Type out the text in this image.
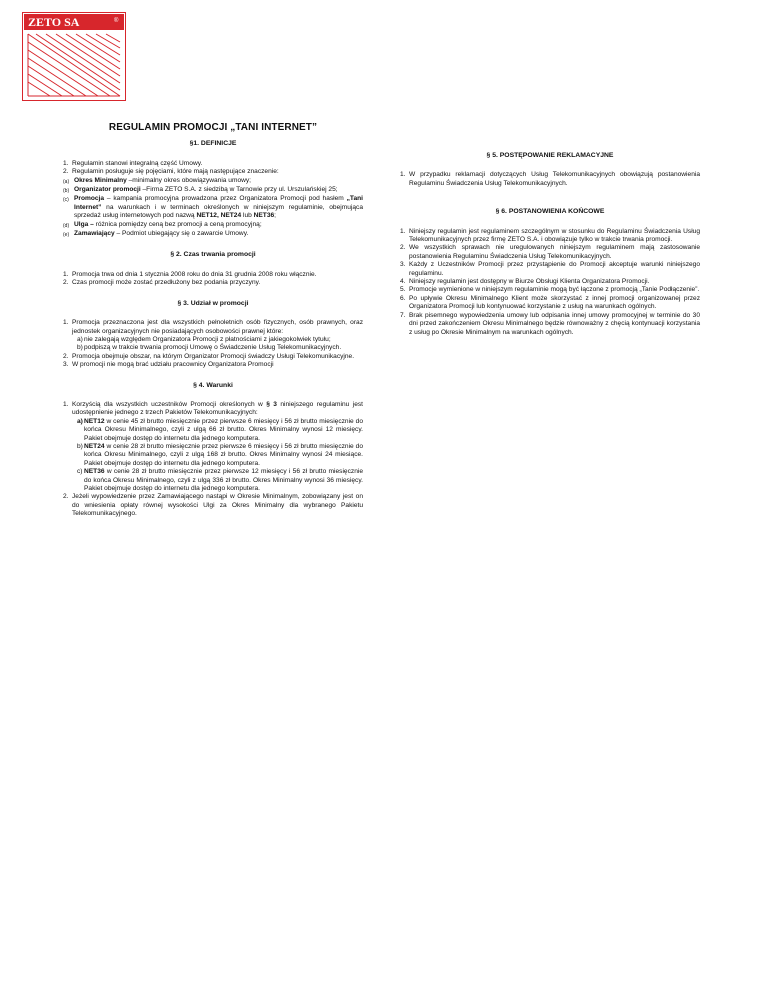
ZETO SA	®
REGULAMIN PROMOCJI „TANI INTERNET”
§1. DEFINICJE
1. Regulamin stanowi integralną część Umowy.
2. Regulamin posługuje się pojęciami, które mają następujące znaczenie:
(a) Okres Minimalny –minimalny okres obowiązywania umowy;
(b) Organizator promocji –Firma ZETO S.A. z siedzibą w Tarnowie przy ul. Urszulańskiej 25;
(c) Promocja – kampania promocyjna prowadzona przez Organizatora Promocji pod hasłem „Tani Internet” na warunkach i w terminach określonych w niniejszym regulaminie, obejmująca sprzedaż usług internetowych pod nazwą NET12, NET24 lub NET36;
(d) Ulga – różnica pomiędzy ceną bez promocji a ceną promocyjną;
(e) Zamawiający – Podmiot ubiegający się o zawarcie Umowy.
§ 2. Czas trwania promocji
1. Promocja trwa od dnia 1 stycznia 2008 roku do dnia 31 grudnia 2008 roku włącznie.
2. Czas promocji może zostać przedłużony bez podania przyczyny.
§ 3. Udział w promocji
1. Promocja przeznaczona jest dla wszystkich pełnoletnich osób fizycznych, osób prawnych, oraz jednostek organizacyjnych nie posiadających osobowości prawnej które:
a) nie zalegają względem Organizatora Promocji z płatnościami z jakiegokolwiek tytułu;
b) podpiszą w trakcie trwania promocji Umowę o Świadczenie Usług Telekomunikacyjnych.
2. Promocja obejmuje obszar, na którym Organizator Promocji świadczy Usługi Telekomunikacyjne.
3. W promocji nie mogą brać udziału pracownicy Organizatora Promocji
§ 4. Warunki
1. Korzyścią dla wszystkich uczestników Promocji określonych w § 3 niniejszego regulaminu jest udostępnienie jednego z trzech Pakietów Telekomunikacyjnych:
a) NET12 w cenie 45 zł brutto miesięcznie przez pierwsze 6 miesięcy i 56 zł brutto miesięcznie do końca Okresu Minimalnego, czyli z ulgą 66 zł brutto. Okres Minimalny wynosi 12 miesięcy. Pakiet obejmuje dostęp do internetu dla jednego komputera.
b) NET24 w cenie 28 zł brutto miesięcznie przez pierwsze 6 miesięcy i 56 zł brutto miesięcznie do końca Okresu Minimalnego, czyli z ulgą 168 zł brutto. Okres Minimalny wynosi 24 miesiące. Pakiet obejmuje dostęp do internetu dla jednego komputera.
c) NET36 w cenie 28 zł brutto miesięcznie przez pierwsze 12 miesięcy i 56 zł brutto miesięcznie do końca Okresu Minimalnego, czyli z ulgą 336 zł brutto. Okres Minimalny wynosi 36 miesięcy. Pakiet obejmuje dostęp do internetu dla jednego komputera.
2. Jeżeli wypowiedzenie przez Zamawiającego nastąpi w Okresie Minimalnym, zobowiązany jest on do wniesienia opłaty równej wysokości Ulgi za Okres Minimalny dla wybranego Pakietu Telekomunikacyjnego.
§ 5. POSTĘPOWANIE REKLAMACYJNE
1. W przypadku reklamacji dotyczących Usług Telekomunikacyjnych obowiązują postanowienia Regulaminu Świadczenia Usług Telekomunikacyjnych.
§ 6. POSTANOWIENIA KOŃCOWE
1. Niniejszy regulamin jest regulaminem szczególnym w stosunku do Regulaminu Świadczenia Usług Telekomunikacyjnych przez firmę ZETO S.A. i obowiązuje tylko w trakcie trwania promocji.
2. We wszystkich sprawach nie uregulowanych niniejszym regulaminem mają zastosowanie postanowienia Regulaminu Świadczenia Usług Telekomunikacyjnych.
3. Każdy z Uczestników Promocji przez przystąpienie do Promocji akceptuje warunki niniejszego regulaminu.
4. Niniejszy regulamin jest dostępny w Biurze Obsługi Klienta Organizatora Promocji.
5. Promocje wymienione w niniejszym regulaminie mogą być łączone z promocją „Tanie Podłączenie”.
6. Po upływie Okresu Minimalnego Klient może skorzystać z innej promocji organizowanej przez Organizatora Promocji lub kontynuować korzystanie z usług na warunkach ogólnych.
7. Brak pisemnego wypowiedzenia umowy lub odpisania innej umowy promocyjnej w terminie do 30 dni przed zakończeniem Okresu Minimalnego będzie równoważny z chęcią kontynuacji korzystania z usług po Okresie Minimalnym na warunkach ogólnych.
